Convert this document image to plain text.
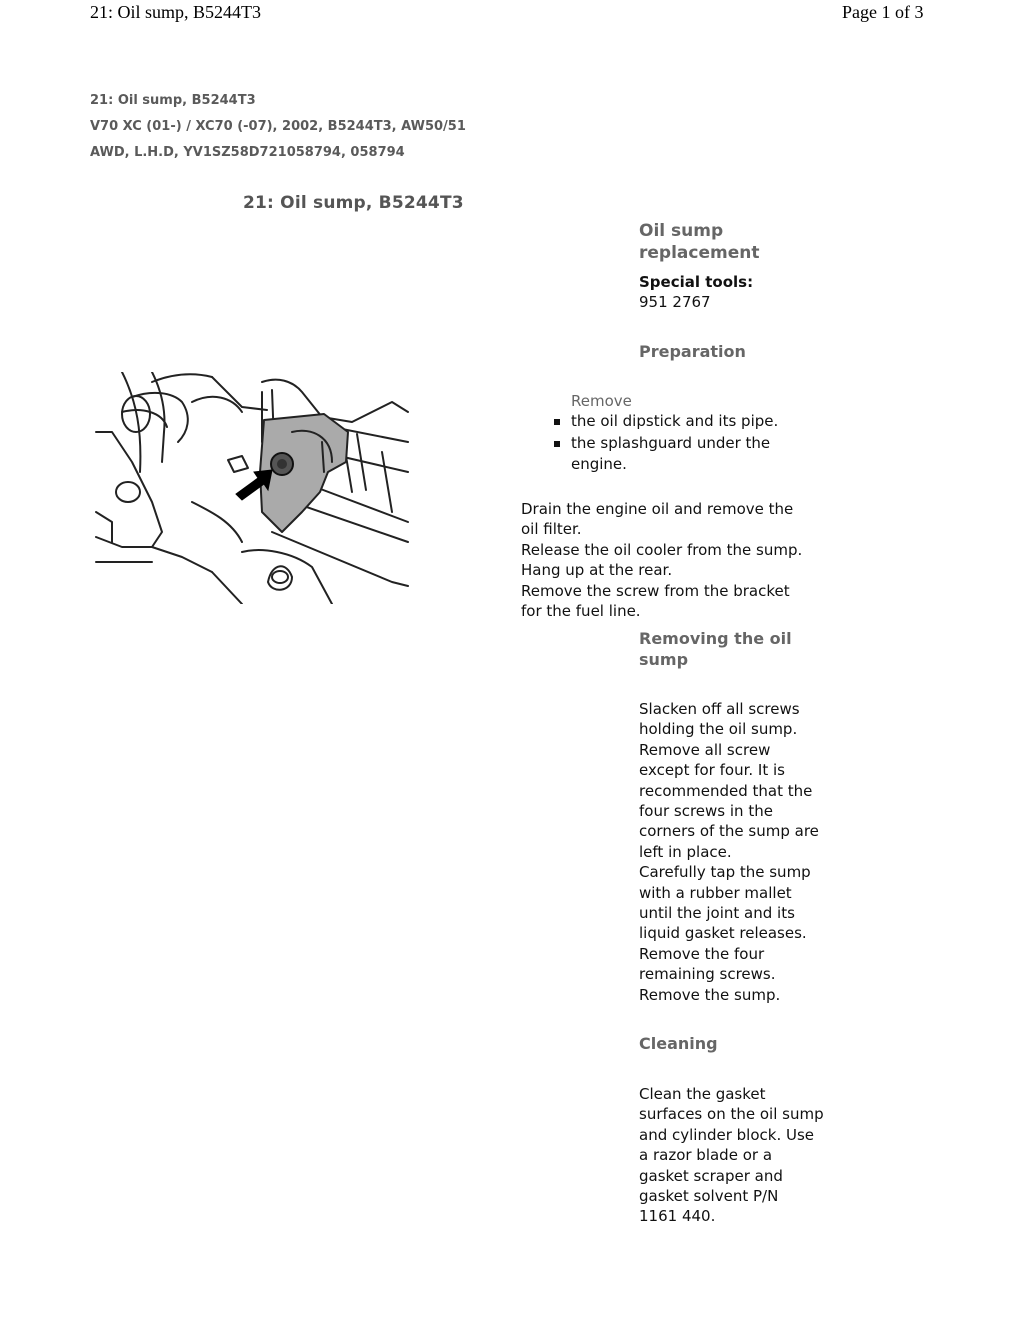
21: Oil sump, B5244T3	Page 1 of 3
21: Oil sump, B5244T3
V70 XC (01-) / XC70 (-07), 2002, B5244T3, AW50/51
AWD, L.H.D, YV1SZ58D721058794, 058794
21: Oil sump, B5244T3
Oil sump
replacement
Special tools:
951 2767
Preparation
Remove
the oil dipstick and its pipe.
the splashguard under the
engine.
Drain the engine oil and remove the
oil filter.
Release the oil cooler from the sump.
Hang up at the rear.
Remove the screw from the bracket
for the fuel line.
Removing the oil
sump
Slacken off all screws
holding the oil sump.
Remove all screw
except for four. It is
recommended that the
four screws in the
corners of the sump are
left in place.
Carefully tap the sump
with a rubber mallet
until the joint and its
liquid gasket releases.
Remove the four
remaining screws.
Remove the sump.
Cleaning
Clean the gasket
surfaces on the oil sump
and cylinder block. Use
a razor blade or a
gasket scraper and
gasket solvent P/N
1161 440.
